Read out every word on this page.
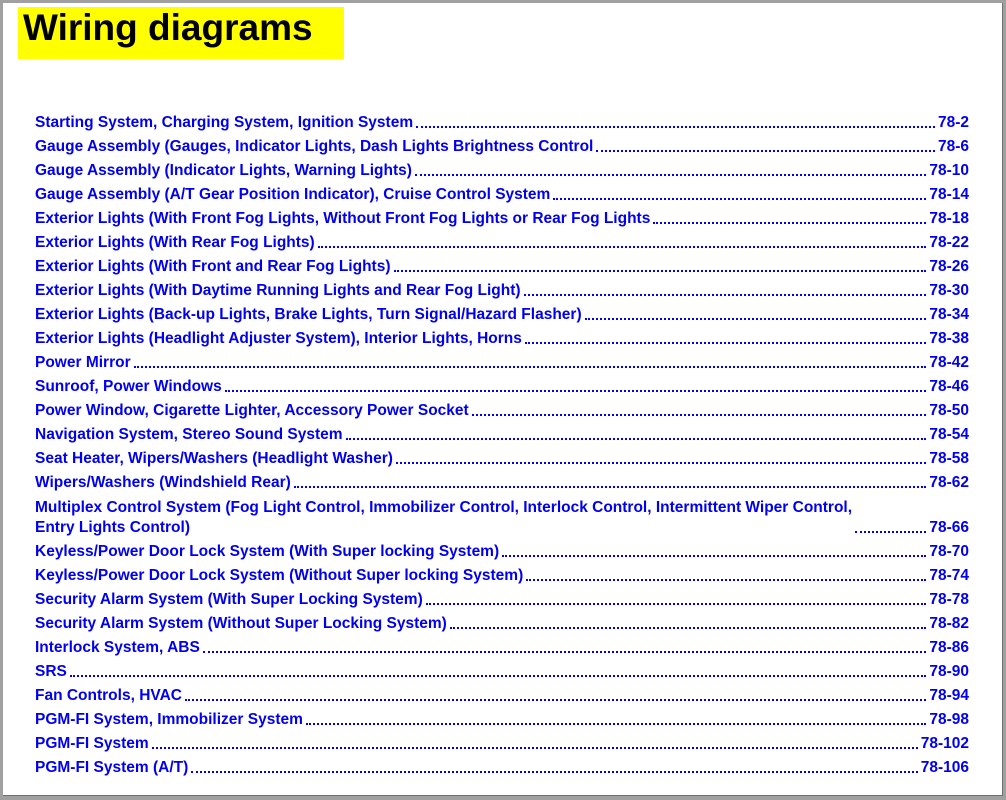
Wiring diagrams
Starting System, Charging System, Ignition System	78-2
Gauge Assembly (Gauges, Indicator Lights, Dash Lights Brightness Control	78-6
Gauge Assembly (Indicator Lights, Warning Lights)	78-10
Gauge Assembly (A/T Gear Position Indicator), Cruise Control System	78-14
Exterior Lights (With Front Fog Lights, Without Front Fog Lights or Rear Fog Lights	78-18
Exterior Lights (With Rear Fog Lights)	78-22
Exterior Lights (With Front and Rear Fog Lights)	78-26
Exterior Lights (With Daytime Running Lights and Rear Fog Light)	78-30
Exterior Lights (Back-up Lights, Brake Lights, Turn Signal/Hazard Flasher)	78-34
Exterior Lights (Headlight Adjuster System), Interior Lights, Horns	78-38
Power Mirror	78-42
Sunroof, Power Windows	78-46
Power Window, Cigarette Lighter, Accessory Power Socket	78-50
Navigation System, Stereo Sound System	78-54
Seat Heater, Wipers/Washers (Headlight Washer)	78-58
Wipers/Washers (Windshield Rear)	78-62
Multiplex Control System (Fog Light Control, Immobilizer Control, Interlock Control, Intermittent Wiper Control,
Entry Lights Control)	78-66
Keyless/Power Door Lock System (With Super locking System)	78-70
Keyless/Power Door Lock System (Without Super locking System)	78-74
Security Alarm System (With Super Locking System)	78-78
Security Alarm System (Without Super Locking System)	78-82
Interlock System, ABS	78-86
SRS	78-90
Fan Controls, HVAC	78-94
PGM-FI System, Immobilizer System	78-98
PGM-FI System	78-102
PGM-FI System (A/T)	78-106
